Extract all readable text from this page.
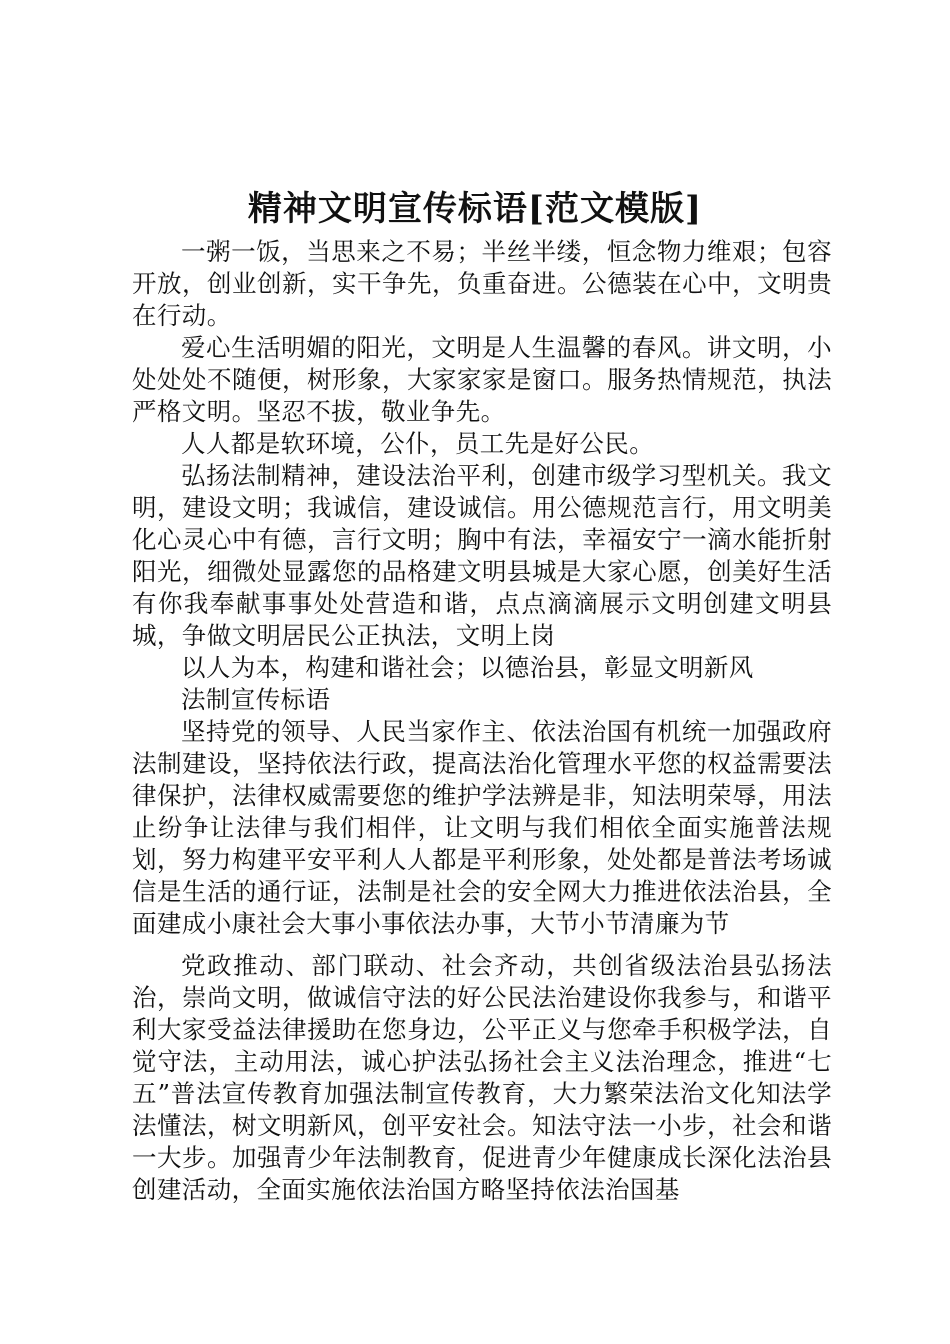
精神文明宣传标语[范文模版]

一粥一饭，当思来之不易；半丝半缕，恒念物力维艰；包容开放，创业创新，实干争先，负重奋进。公德装在心中，文明贵在行动。

爱心生活明媚的阳光，文明是人生温馨的春风。讲文明，小处处处不随便，树形象，大家家家是窗口。服务热情规范，执法严格文明。坚忍不拔，敬业争先。

人人都是软环境，公仆，员工先是好公民。

弘扬法制精神，建设法治平利，创建市级学习型机关。我文明，建设文明；我诚信，建设诚信。用公德规范言行，用文明美化心灵心中有德，言行文明；胸中有法，幸福安宁一滴水能折射阳光，细微处显露您的品格建文明县城是大家心愿，创美好生活有你我奉献事事处处营造和谐，点点滴滴展示文明创建文明县城，争做文明居民公正执法，文明上岗

以人为本，构建和谐社会；以德治县，彰显文明新风

法制宣传标语

坚持党的领导、人民当家作主、依法治国有机统一加强政府法制建设，坚持依法行政，提高法治化管理水平您的权益需要法律保护，法律权威需要您的维护学法辨是非，知法明荣辱，用法止纷争让法律与我们相伴，让文明与我们相依全面实施普法规划，努力构建平安平利人人都是平利形象，处处都是普法考场诚信是生活的通行证，法制是社会的安全网大力推进依法治县，全面建成小康社会大事小事依法办事，大节小节清廉为节

党政推动、部门联动、社会齐动，共创省级法治县弘扬法治，崇尚文明，做诚信守法的好公民法治建设你我参与，和谐平利大家受益法律援助在您身边，公平正义与您牵手积极学法，自觉守法，主动用法，诚心护法弘扬社会主义法治理念，推进“七五”普法宣传教育加强法制宣传教育，大力繁荣法治文化知法学法懂法，树文明新风，创平安社会。知法守法一小步，社会和谐一大步。加强青少年法制教育，促进青少年健康成长深化法治县创建活动，全面实施依法治国方略坚持依法治国基
